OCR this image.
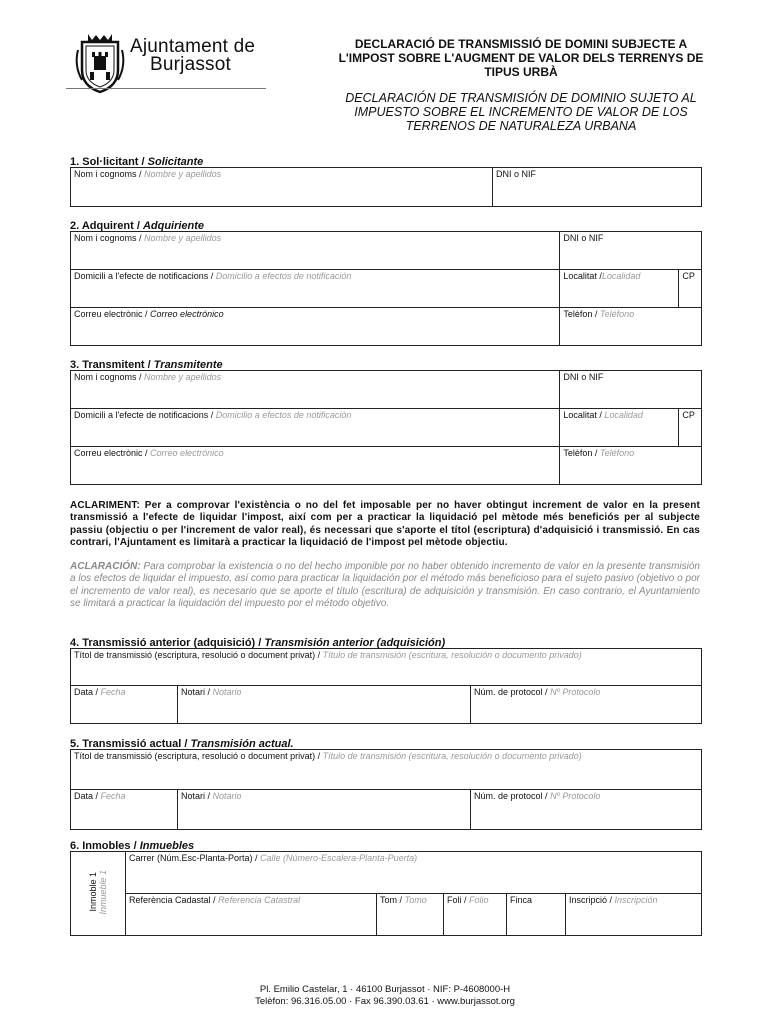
Ajuntament de
Burjassot
DECLARACIÓ DE TRANSMISSIÓ DE DOMINI SUBJECTE A L'IMPOST SOBRE L'AUGMENT DE VALOR DELS TERRENYS DE TIPUS URBÀ
DECLARACIÓN DE TRANSMISIÓN DE DOMINIO SUJETO AL IMPUESTO SOBRE EL INCREMENTO DE VALOR DE LOS TERRENOS DE NATURALEZA URBANA
1. Sol·licitant / Solicitante
Nom i cognoms / Nombre y apellidos	DNI o NIF
2. Adquirent / Adquiriente
Nom i cognoms / Nombre y apellidos	DNI o NIF	
Domicili a l'efecte de notificacions / Domicilio a efectos de notificación	Localitat /Localidad	CP
Correu electrònic / Correo electrónico	Telèfon / Teléfono	
3. Transmitent / Transmitente
Nom i cognoms / Nombre y apellidos	DNI o NIF	
Domicili a l'efecte de notificacions / Domicilio a efectos de notificación	Localitat / Localidad	CP
Correu electrònic / Correo electrónico	Telèfon / Teléfono	
ACLARIMENT: Per a comprovar l'existència o no del fet imposable per no haver obtingut increment de valor en la present transmissió a l'efecte de liquidar l'impost, així com per a practicar la liquidació pel mètode més beneficiós per al subjecte passiu (objectiu o per l'increment de valor real), és necessari que s'aporte el títol (escriptura) d'adquisició i transmissió. En cas contrari, l'Ajuntament es limitarà a practicar la liquidació de l'impost pel mètode objectiu.
ACLARACIÓN: Para comprobar la existencia o no del hecho imponible por no haber obtenido incremento de valor en la presente transmisión a los efectos de liquidar el impuesto, así como para practicar la liquidación por el método más beneficioso para el sujeto pasivo (objetivo o por el incremento de valor real), es necesario que se aporte el título (escritura) de adquisición y transmisión. En caso contrario, el Ayuntamiento se limitará a practicar la liquidación del impuesto por el método objetivo.
4. Transmissió anterior (adquisició) / Transmisión anterior (adquisición)
Títol de transmissió (escriptura, resolució o document privat) / Título de transmisión (escritura, resolución o documento privado)
Data / Fecha	Notari / Notario	Núm. de protocol / Nº Protocolo
5. Transmissió actual / Transmisión actual.
Títol de transmissió (escriptura, resolució o document privat) / Título de transmisión (escritura, resolución o documento privado)
Data / Fecha	Notari / Notario	Núm. de protocol / Nº Protocolo
6. Inmobles / Inmuebles
Inmoble 1
Inmueble 1	Carrer (Núm.Esc-Planta-Porta) / Calle (Número-Escalera-Planta-Puerta)				
	Referència Cadastal / Referencia Catastral	Tom / Tomo	Foli / Folio	Finca	Inscripció / Inscripción
Pl. Emilio Castelar, 1 · 46100 Burjassot · NIF: P-4608000-H
Telèfon: 96.316.05.00 · Fax 96.390.03.61 · www.burjassot.org
